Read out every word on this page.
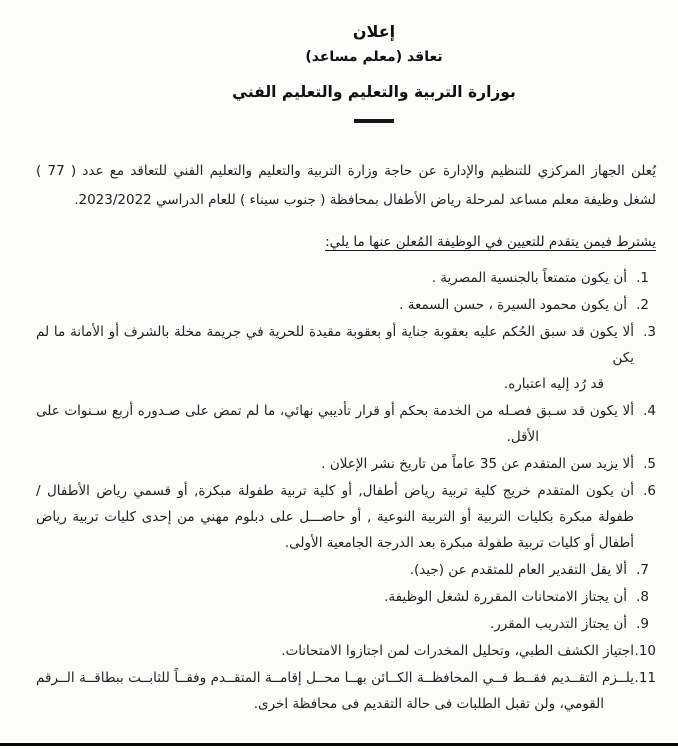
إعلان
تعاقد (معلم مساعد)
بوزارة التربية والتعليم والتعليم الفني

يُعلن الجهاز المركزي للتنظيم والإدارة عن حاجة وزارة التربية والتعليم والتعليم الفني للتعاقد مع عدد ( 77 ) لشغل وظيفة معلم مساعد لمرحلة رياض الأطفال بمحافظة ( جنوب سيناء ) للعام الدراسي 2023/2022.

يشترط فيمن يتقدم للتعيين في الوظيفة المُعلن عنها ما يلي:
1.
أن يكون متمتعاً بالجنسية المصرية .
2.
أن يكون محمود السيرة ، حسن السمعة .
3.
ألا يكون قد سبق الحُكم عليه بعقوبة جناية أو بعقوبة مقيدة للحرية في جريمة مخلة بالشرف أو الأمانة ما لم يكن
قد رُد إليه اعتباره.
4.
ألا يكون قد سـبق فصـله من الخدمة بحكم أو قرار تأديبي نهائي، ما لم تمض على صـدوره أربع سـنوات على
الأقل.
5.
ألا يزيد سن المتقدم عن 35 عاماً من تاريخ نشر الإعلان .
6.
أن يكون المتقدم خريج كلية تربية رياض أطفال, أو كلية تربية طفولة مبكرة, أو قسمي رياض الأطفال / طفولة مبكرة بكليات التربية أو التربية النوعية , أو حاصـــل على دبلوم مهني من إحدى كليات تربية رياض أطفال أو كليات تربية طفولة مبكرة بعد الدرجة الجامعية الأولى.
7.
ألا يقل التقدير العام للمتقدم عن (جيد).
8.
أن يجتاز الامتحانات المقررة لشغل الوظيفة.
9.
أن يجتاز التدريب المقرر.
10.
اجتياز الكشف الطبي، وتحليل المخدرات لمن اجتازوا الامتحانات.
11.
يلــزم التقــديم فقــط فــي المحافظــة الكــائن بهــا محــل إقامــة المتقــدم وفقــاً للثابــت ببطاقــة الــرقم
القومي، ولن تقبل الطلبات فى حالة التقديم فى محافظة اخرى.
